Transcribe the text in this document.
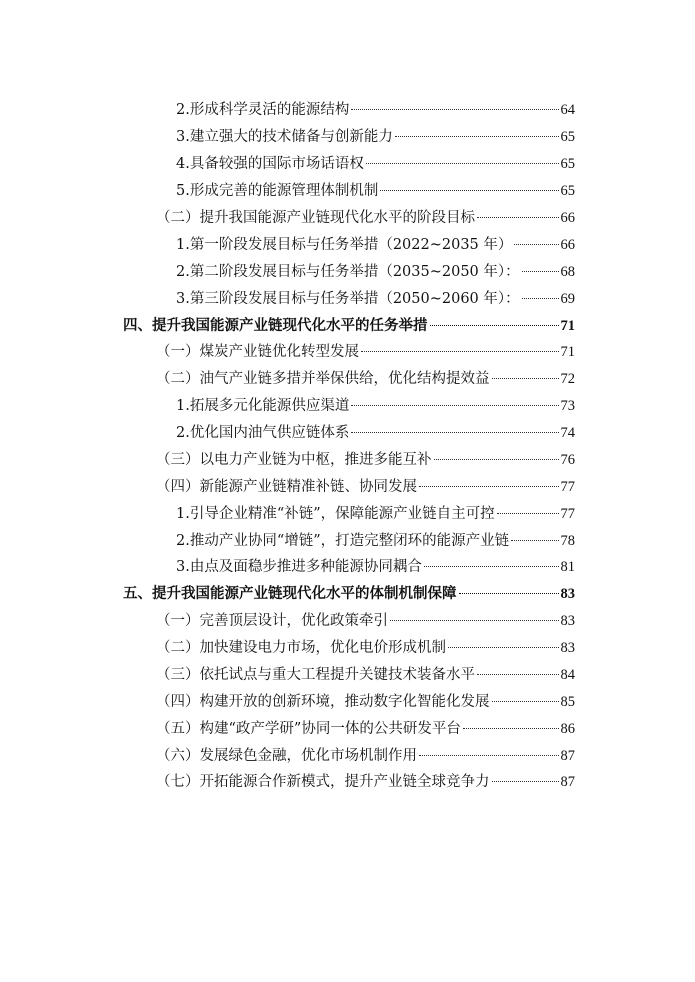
2.形成科学灵活的能源结构	64
3.建立强大的技术储备与创新能力	65
4.具备较强的国际市场话语权	65
5.形成完善的能源管理体制机制	65
（二）提升我国能源产业链现代化水平的阶段目标	66
1.第一阶段发展目标与任务举措（2022~2035 年）	66
2.第二阶段发展目标与任务举措（2035~2050 年）：	68
3.第三阶段发展目标与任务举措（2050~2060 年）：	69
四、提升我国能源产业链现代化水平的任务举措	71
（一）煤炭产业链优化转型发展	71
（二）油气产业链多措并举保供给，优化结构提效益	72
1.拓展多元化能源供应渠道	73
2.优化国内油气供应链体系	74
（三）以电力产业链为中枢，推进多能互补	76
（四）新能源产业链精准补链、协同发展	77
1.引导企业精准“补链”，保障能源产业链自主可控	77
2.推动产业协同“增链”，打造完整闭环的能源产业链	78
3.由点及面稳步推进多种能源协同耦合	81
五、提升我国能源产业链现代化水平的体制机制保障	83
（一）完善顶层设计，优化政策牵引	83
（二）加快建设电力市场，优化电价形成机制	83
（三）依托试点与重大工程提升关键技术装备水平	84
（四）构建开放的创新环境，推动数字化智能化发展	85
（五）构建“政产学研”协同一体的公共研发平台	86
（六）发展绿色金融，优化市场机制作用	87
（七）开拓能源合作新模式，提升产业链全球竞争力	87
